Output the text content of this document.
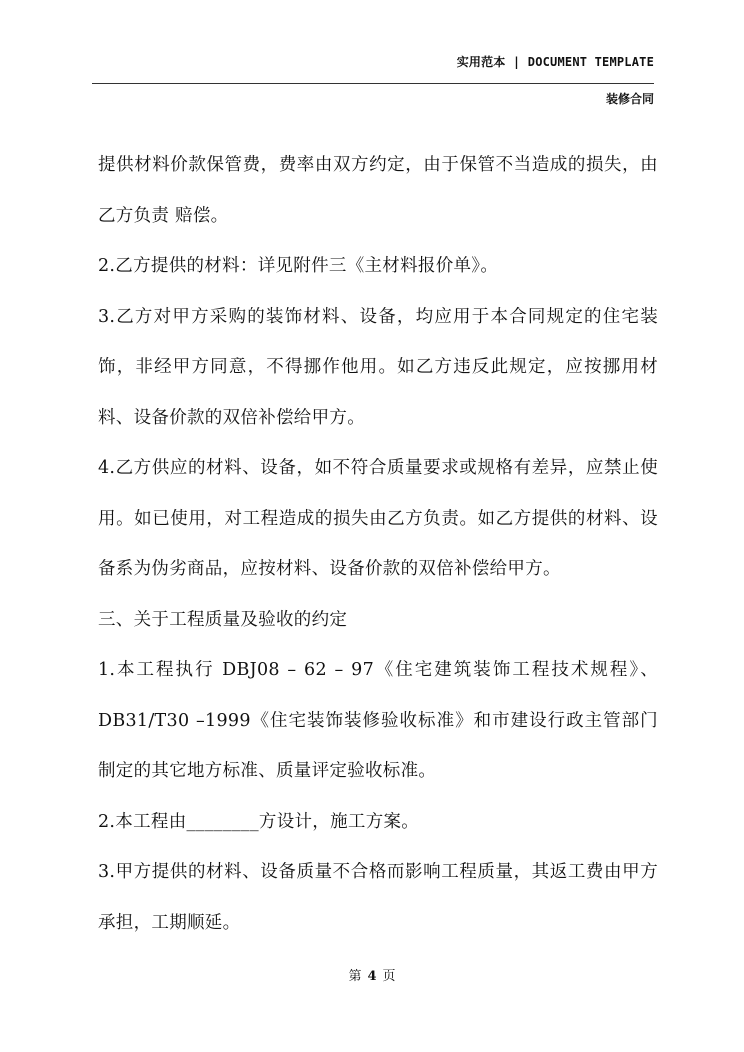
实用范本 | DOCUMENT TEMPLATE
装修合同

提供材料价款保管费，费率由双方约定，由于保管不当造成的损失，由乙方负责 赔偿。

2.乙方提供的材料：详见附件三《主材料报价单》。

3.乙方对甲方采购的装饰材料、设备，均应用于本合同规定的住宅装饰，非经甲方同意，不得挪作他用。如乙方违反此规定，应按挪用材料、设备价款的双倍补偿给甲方。

4.乙方供应的材料、设备，如不符合质量要求或规格有差异，应禁止使用。如已使用，对工程造成的损失由乙方负责。如乙方提供的材料、设备系为伪劣商品，应按材料、设备价款的双倍补偿给甲方。

三、关于工程质量及验收的约定

1.本工程执行 DBJ08 – 62 – 97《住宅建筑装饰工程技术规程》、DB31/T30 –1999《住宅装饰装修验收标准》和市建设行政主管部门制定的其它地方标准、质量评定验收标准。

2.本工程由________方设计，施工方案。

3.甲方提供的材料、设备质量不合格而影响工程质量，其返工费由甲方承担，工期顺延。

第 4 页
